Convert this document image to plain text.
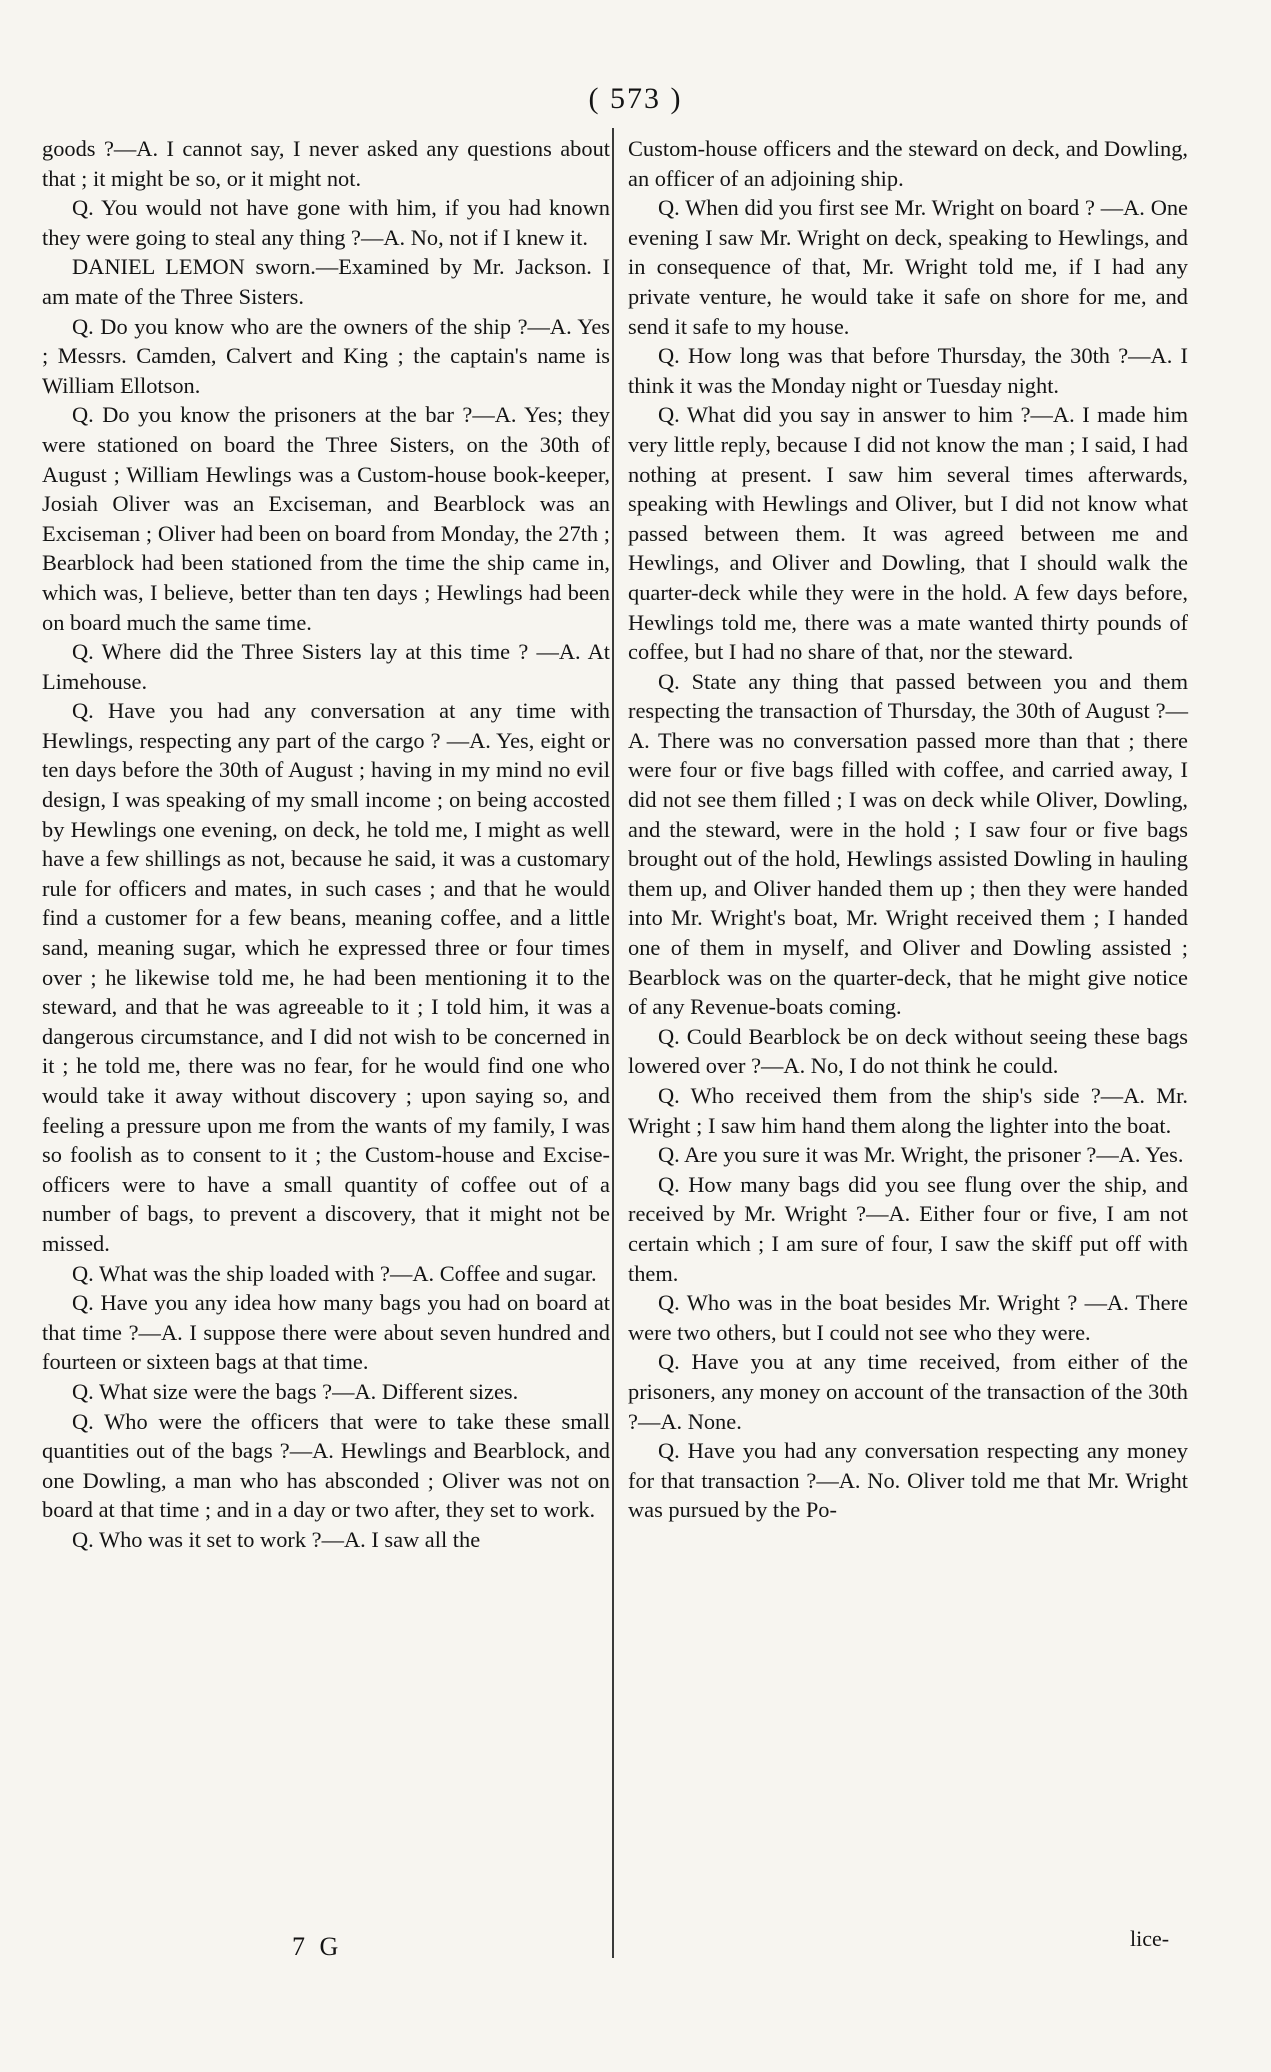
( 573 )

goods ?—A. I cannot say, I never asked any questions about that ; it might be so, or it might not.

Q. You would not have gone with him, if you had known they were going to steal any thing ?—A. No, not if I knew it.

DANIEL LEMON sworn.—Examined by Mr. Jackson. I am mate of the Three Sisters.

Q. Do you know who are the owners of the ship ?—A. Yes ; Messrs. Camden, Calvert and King ; the captain's name is William Ellotson.

Q. Do you know the prisoners at the bar ?—A. Yes; they were stationed on board the Three Sisters, on the 30th of August ; William Hewlings was a Custom-house book-keeper, Josiah Oliver was an Exciseman, and Bearblock was an Exciseman ; Oliver had been on board from Monday, the 27th ; Bearblock had been stationed from the time the ship came in, which was, I believe, better than ten days ; Hewlings had been on board much the same time.

Q. Where did the Three Sisters lay at this time ? —A. At Limehouse.

Q. Have you had any conversation at any time with Hewlings, respecting any part of the cargo ? —A. Yes, eight or ten days before the 30th of August ; having in my mind no evil design, I was speaking of my small income ; on being accosted by Hewlings one evening, on deck, he told me, I might as well have a few shillings as not, because he said, it was a customary rule for officers and mates, in such cases ; and that he would find a customer for a few beans, meaning coffee, and a little sand, meaning sugar, which he expressed three or four times over ; he likewise told me, he had been mentioning it to the steward, and that he was agreeable to it ; I told him, it was a dangerous circumstance, and I did not wish to be concerned in it ; he told me, there was no fear, for he would find one who would take it away without discovery ; upon saying so, and feeling a pressure upon me from the wants of my family, I was so foolish as to consent to it ; the Custom-house and Excise-officers were to have a small quantity of coffee out of a number of bags, to prevent a discovery, that it might not be missed.

Q. What was the ship loaded with ?—A. Coffee and sugar.

Q. Have you any idea how many bags you had on board at that time ?—A. I suppose there were about seven hundred and fourteen or sixteen bags at that time.

Q. What size were the bags ?—A. Different sizes.

Q. Who were the officers that were to take these small quantities out of the bags ?—A. Hewlings and Bearblock, and one Dowling, a man who has absconded ; Oliver was not on board at that time ; and in a day or two after, they set to work.

Q. Who was it set to work ?—A. I saw all the

Custom-house officers and the steward on deck, and Dowling, an officer of an adjoining ship.

Q. When did you first see Mr. Wright on board ? —A. One evening I saw Mr. Wright on deck, speaking to Hewlings, and in consequence of that, Mr. Wright told me, if I had any private venture, he would take it safe on shore for me, and send it safe to my house.

Q. How long was that before Thursday, the 30th ?—A. I think it was the Monday night or Tuesday night.

Q. What did you say in answer to him ?—A. I made him very little reply, because I did not know the man ; I said, I had nothing at present. I saw him several times afterwards, speaking with Hewlings and Oliver, but I did not know what passed between them. It was agreed between me and Hewlings, and Oliver and Dowling, that I should walk the quarter-deck while they were in the hold. A few days before, Hewlings told me, there was a mate wanted thirty pounds of coffee, but I had no share of that, nor the steward.

Q. State any thing that passed between you and them respecting the transaction of Thursday, the 30th of August ?—A. There was no conversation passed more than that ; there were four or five bags filled with coffee, and carried away, I did not see them filled ; I was on deck while Oliver, Dowling, and the steward, were in the hold ; I saw four or five bags brought out of the hold, Hewlings assisted Dowling in hauling them up, and Oliver handed them up ; then they were handed into Mr. Wright's boat, Mr. Wright received them ; I handed one of them in myself, and Oliver and Dowling assisted ; Bearblock was on the quarter-deck, that he might give notice of any Revenue-boats coming.

Q. Could Bearblock be on deck without seeing these bags lowered over ?—A. No, I do not think he could.

Q. Who received them from the ship's side ?—A. Mr. Wright ; I saw him hand them along the lighter into the boat.

Q. Are you sure it was Mr. Wright, the prisoner ?—A. Yes.

Q. How many bags did you see flung over the ship, and received by Mr. Wright ?—A. Either four or five, I am not certain which ; I am sure of four, I saw the skiff put off with them.

Q. Who was in the boat besides Mr. Wright ? —A. There were two others, but I could not see who they were.

Q. Have you at any time received, from either of the prisoners, any money on account of the transaction of the 30th ?—A. None.

Q. Have you had any conversation respecting any money for that transaction ?—A. No. Oliver told me that Mr. Wright was pursued by the Po-

7 G	lice-
